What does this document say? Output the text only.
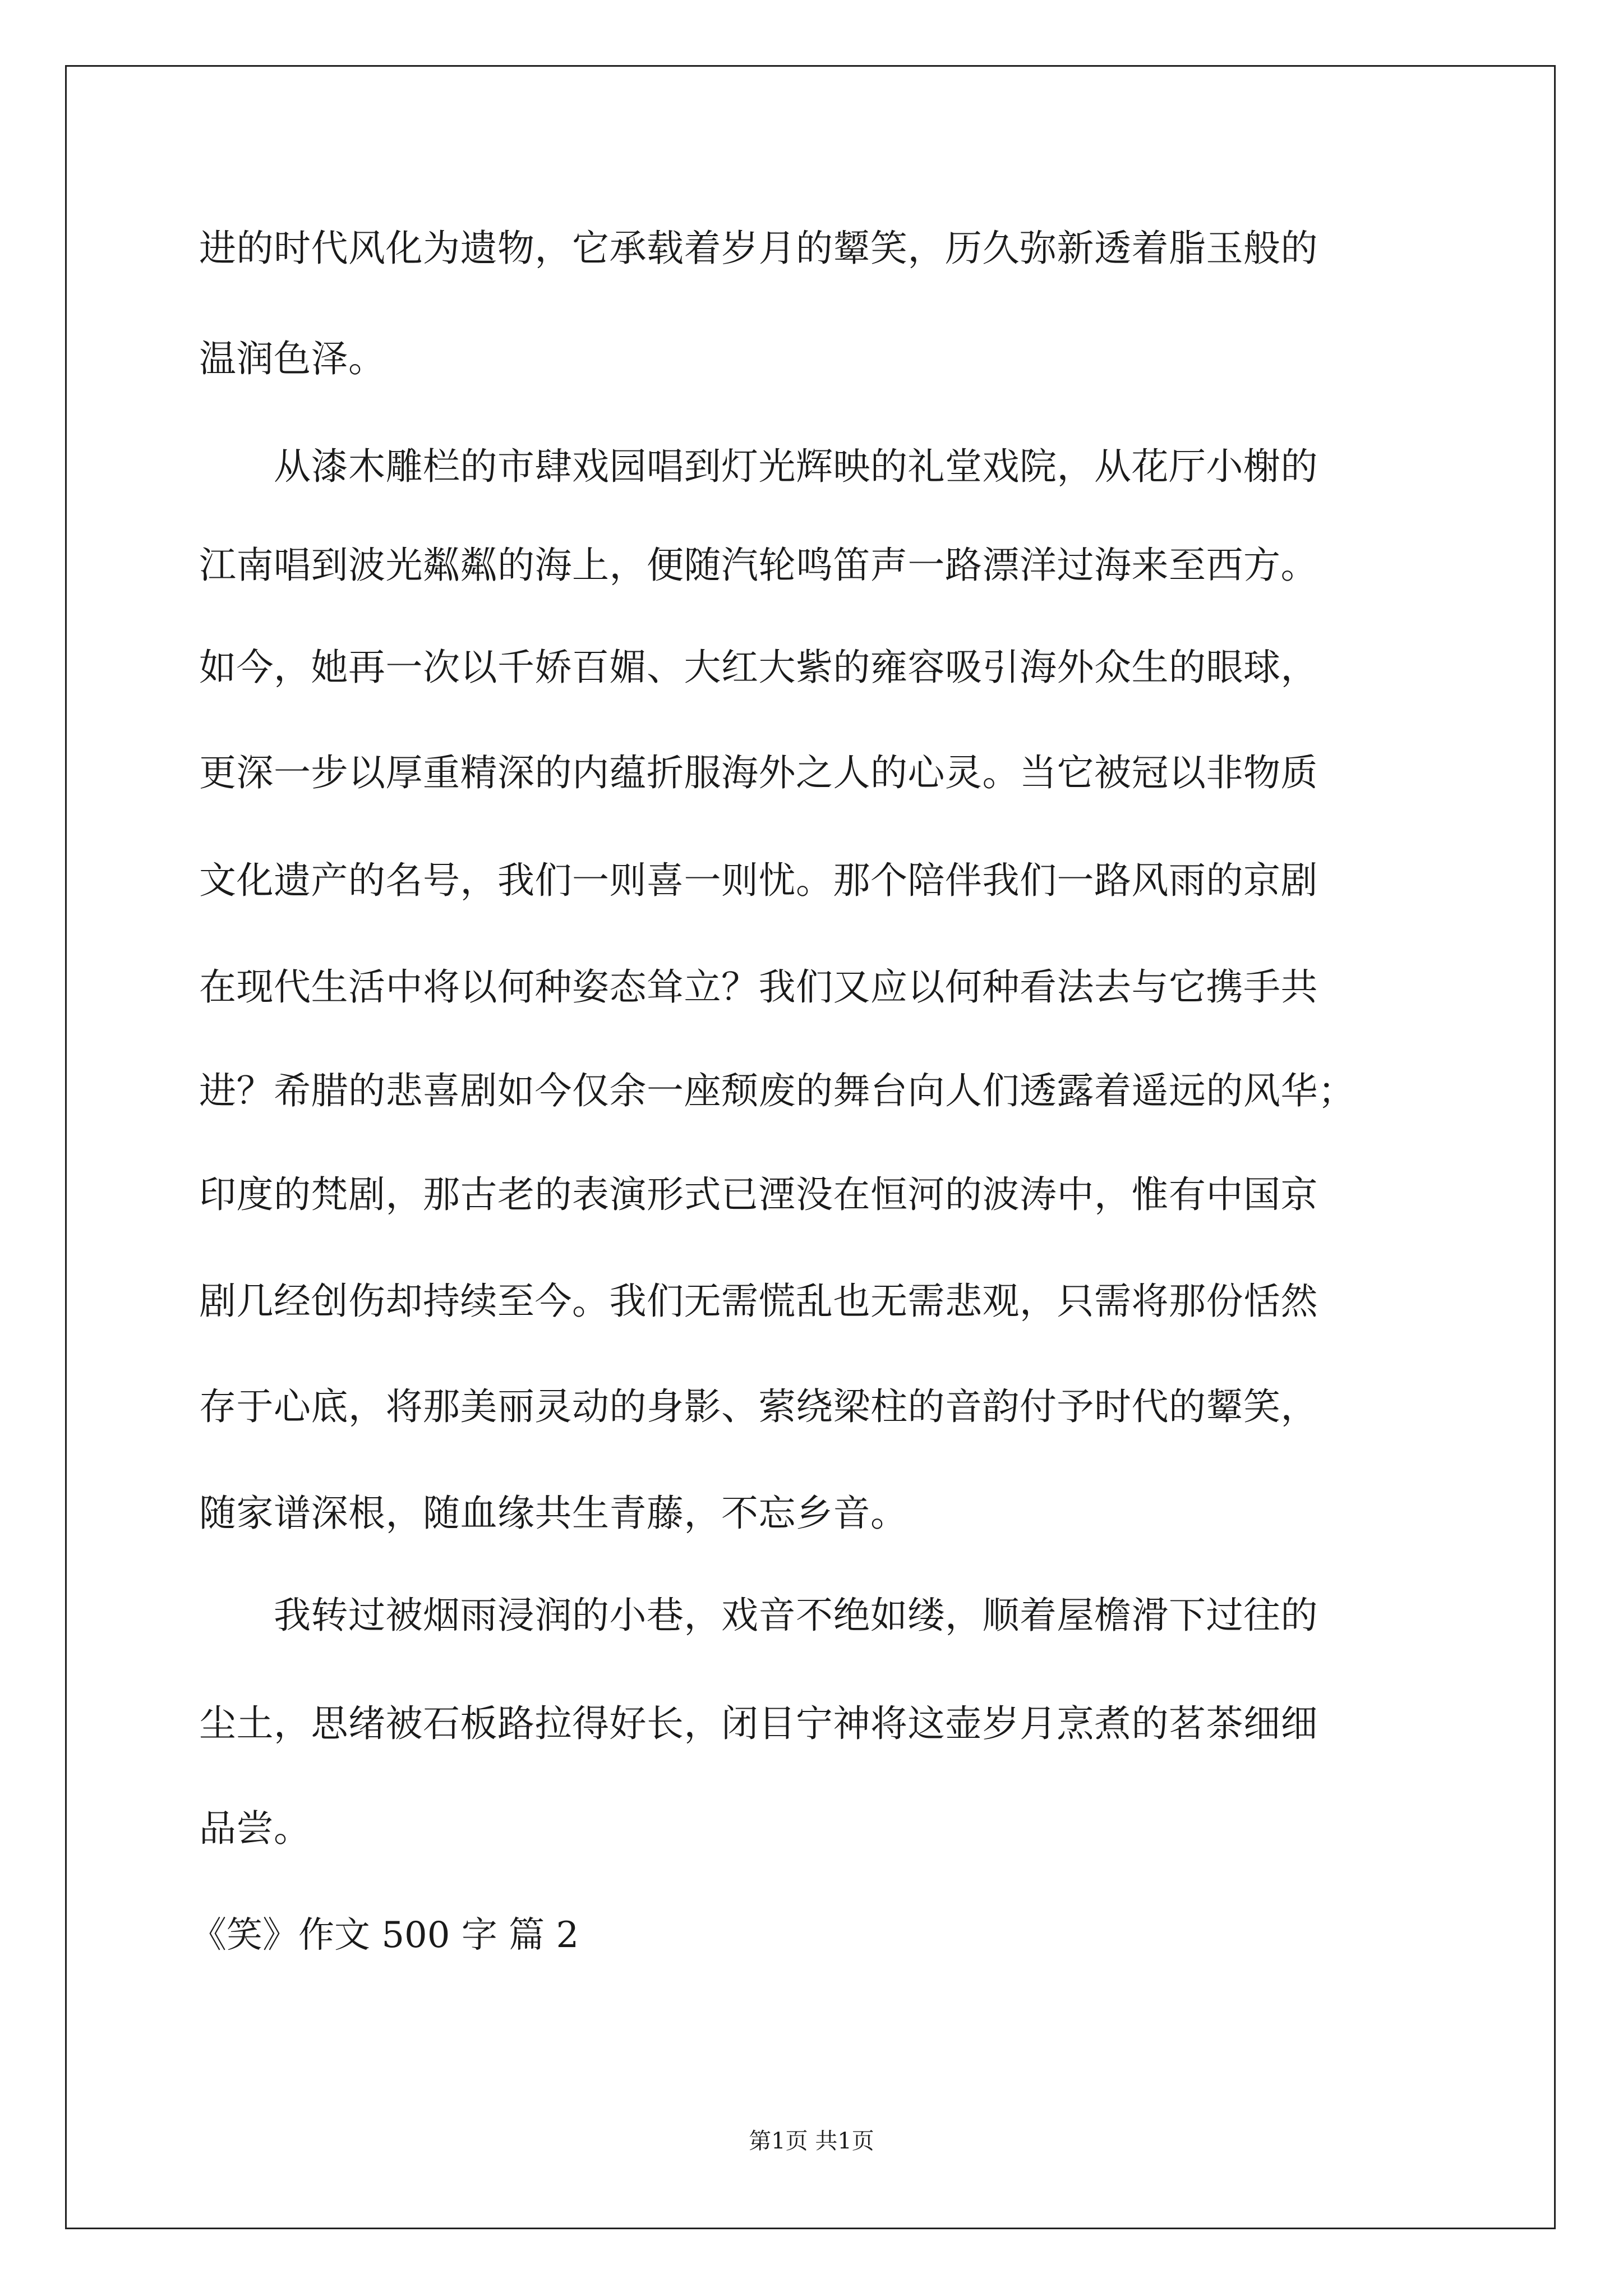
进的时代风化为遗物，它承载着岁月的颦笑，历久弥新透着脂玉般的
温润色泽。
　　从漆木雕栏的市肆戏园唱到灯光辉映的礼堂戏院，从花厅小榭的
江南唱到波光粼粼的海上，便随汽轮鸣笛声一路漂洋过海来至西方。
如今，她再一次以千娇百媚、大红大紫的雍容吸引海外众生的眼球，
更深一步以厚重精深的内蕴折服海外之人的心灵。当它被冠以非物质
文化遗产的名号，我们一则喜一则忧。那个陪伴我们一路风雨的京剧
在现代生活中将以何种姿态耸立？我们又应以何种看法去与它携手共
进？希腊的悲喜剧如今仅余一座颓废的舞台向人们透露着遥远的风华；
印度的梵剧，那古老的表演形式已湮没在恒河的波涛中，惟有中国京
剧几经创伤却持续至今。我们无需慌乱也无需悲观，只需将那份恬然
存于心底，将那美丽灵动的身影、萦绕梁柱的音韵付予时代的颦笑，
随家谱深根，随血缘共生青藤，不忘乡音。
　　我转过被烟雨浸润的小巷，戏音不绝如缕，顺着屋檐滑下过往的
尘土，思绪被石板路拉得好长，闭目宁神将这壶岁月烹煮的茗茶细细
品尝。
《笑》作文 500 字 篇 2
第1页 共1页
